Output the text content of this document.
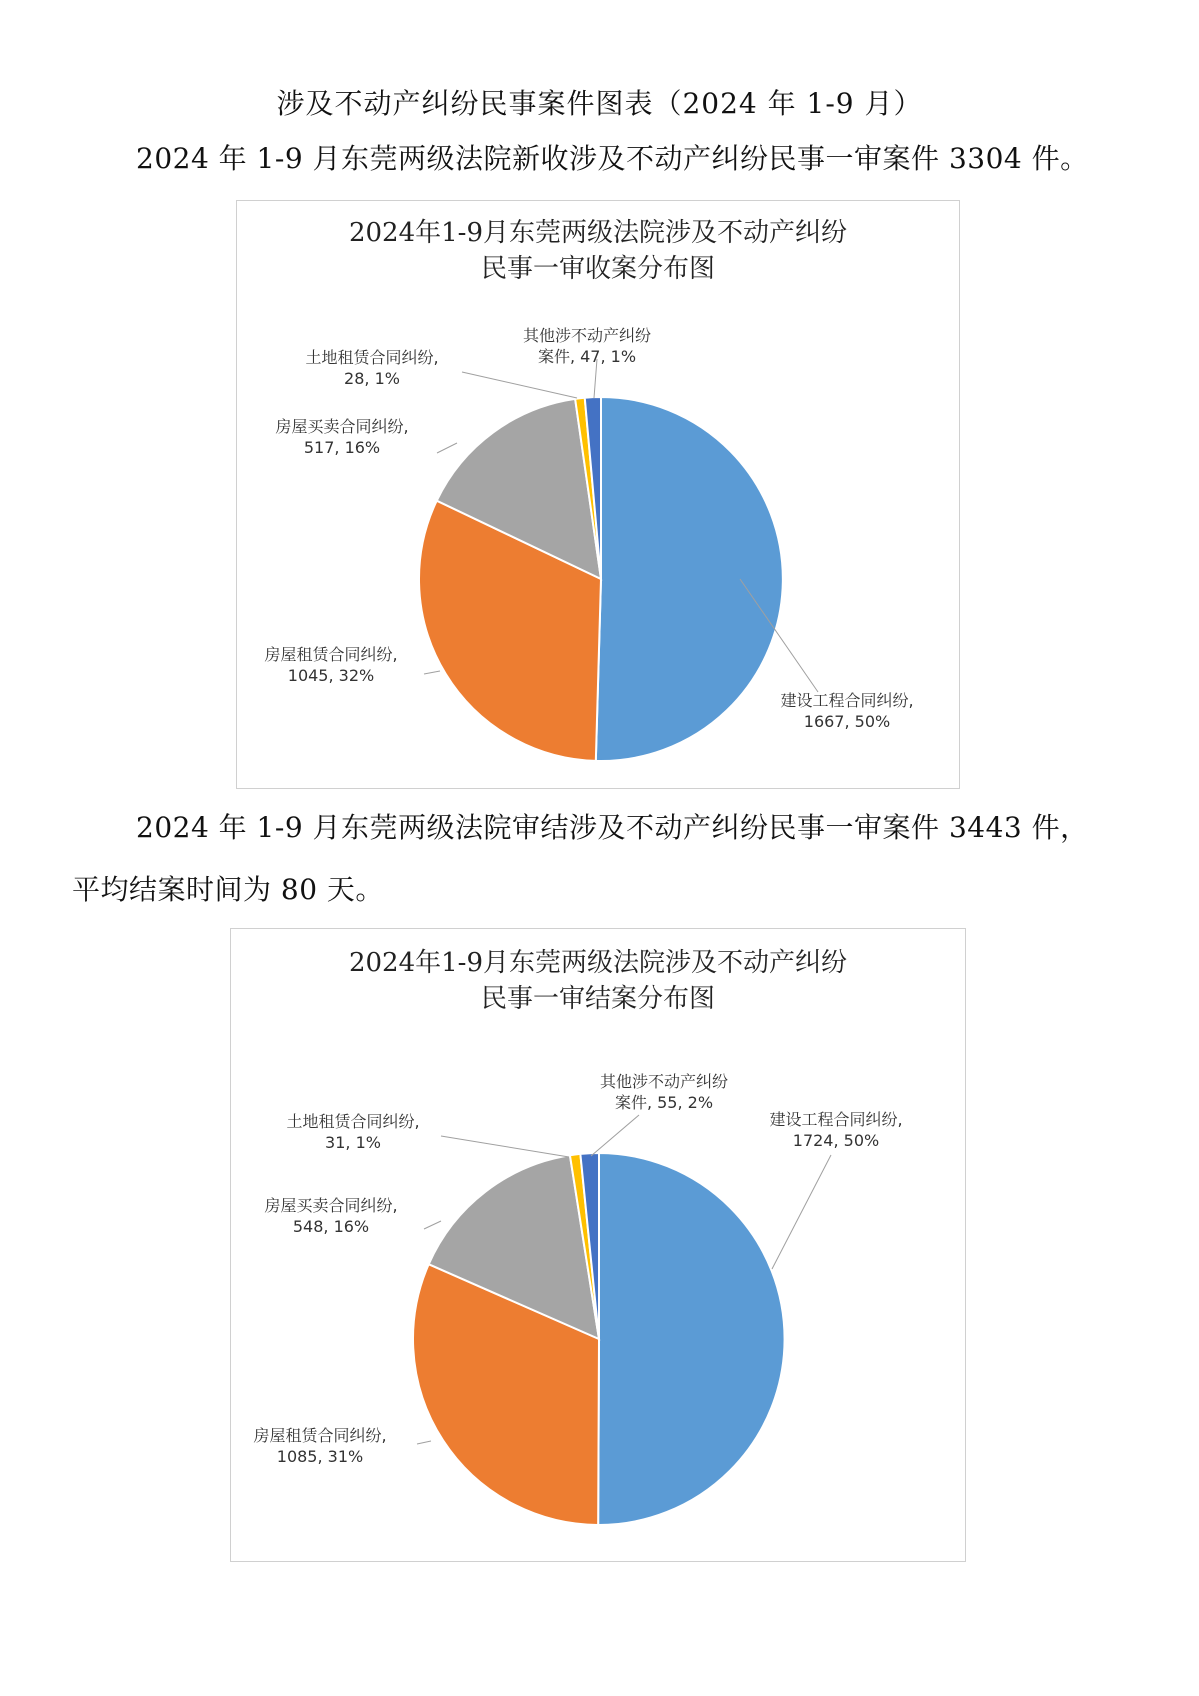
涉及不动产纠纷民事案件图表（2024 年 1-9 月）
2024 年 1-9 月东莞两级法院新收涉及不动产纠纷民事一审案件 3304 件。
2024年1-9月东莞两级法院涉及不动产纠纷
民事一审收案分布图
建设工程合同纠纷,
1667, 50%
房屋租赁合同纠纷,
1045, 32%
房屋买卖合同纠纷,
517, 16%
土地租赁合同纠纷,
28, 1%
其他涉不动产纠纷
案件, 47, 1%
2024 年 1-9 月东莞两级法院审结涉及不动产纠纷民事一审案件 3443 件，
平均结案时间为 80 天。
2024年1-9月东莞两级法院涉及不动产纠纷
民事一审结案分布图
建设工程合同纠纷,
1724, 50%
房屋租赁合同纠纷,
1085, 31%
房屋买卖合同纠纷,
548, 16%
土地租赁合同纠纷,
31, 1%
其他涉不动产纠纷
案件, 55, 2%
